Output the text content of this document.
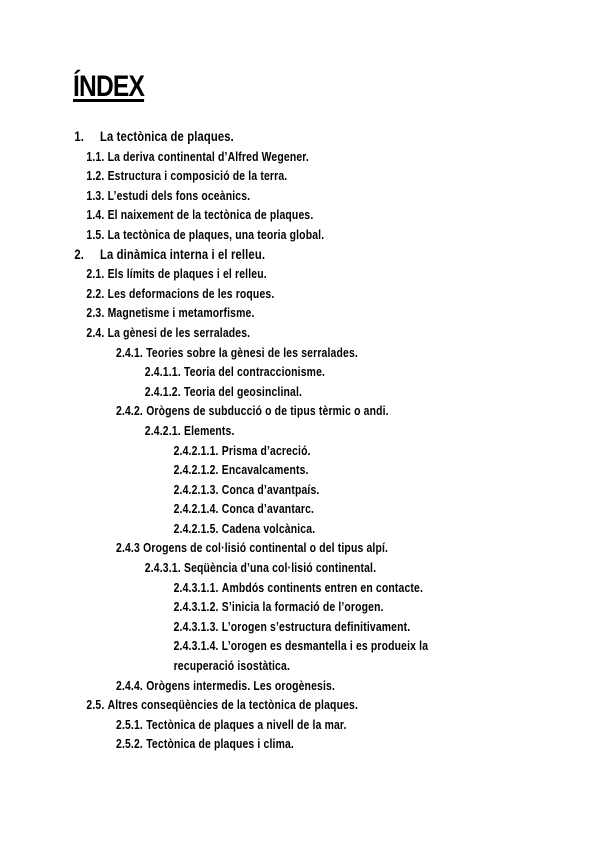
ÍNDEX
1. La tectònica de plaques.
1.1. La deriva continental d’Alfred Wegener.
1.2. Estructura i composició de la terra.
1.3. L’estudi dels fons oceànics.
1.4. El naixement de la tectònica de plaques.
1.5. La tectònica de plaques, una teoria global.
2. La dinàmica interna i el relleu.
2.1. Els límits de plaques i el relleu.
2.2. Les deformacions de les roques.
2.3. Magnetisme i metamorfisme.
2.4. La gènesi de les serralades.
2.4.1. Teories sobre la gènesi de les serralades.
2.4.1.1. Teoria del contraccionisme.
2.4.1.2. Teoria del geosinclinal.
2.4.2. Orògens de subducció o de tipus tèrmic o andi.
2.4.2.1. Elements.
2.4.2.1.1. Prisma d’acreció.
2.4.2.1.2. Encavalcaments.
2.4.2.1.3. Conca d’avantpaís.
2.4.2.1.4. Conca d’avantarc.
2.4.2.1.5. Cadena volcànica.
2.4.3 Orogens de col·lisió continental o del tipus alpí.
2.4.3.1. Seqüència d’una col·lisió continental.
2.4.3.1.1. Ambdós continents entren en contacte.
2.4.3.1.2. S’inicia la formació de l’orogen.
2.4.3.1.3. L’orogen s’estructura definitivament.
2.4.3.1.4. L’orogen es desmantella i es produeix la
recuperació isostàtica.
2.4.4. Orògens intermedis. Les orogènesis.
2.5. Altres conseqüències de la tectònica de plaques.
2.5.1. Tectònica de plaques a nivell de la mar.
2.5.2. Tectònica de plaques i clima.
